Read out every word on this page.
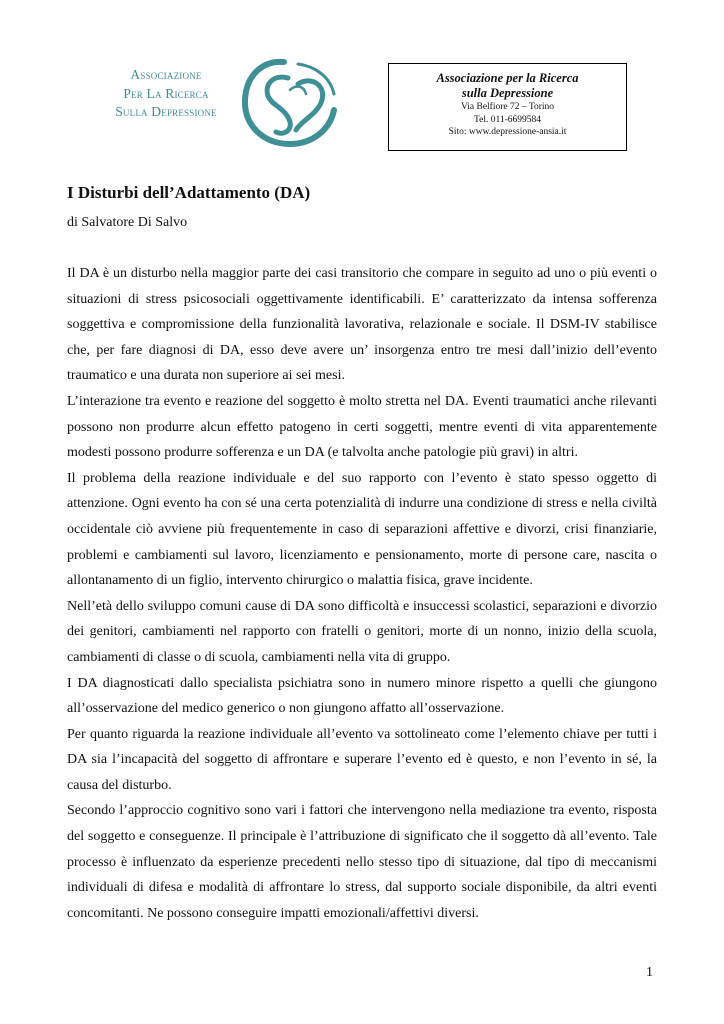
Associazione
Per La Ricerca
Sulla Depressione
Associazione per la Ricerca
sulla Depressione
Via Belfiore 72 – Torino
Tel. 011-6699584
Sito: www.depressione-ansia.it
I Disturbi dell’Adattamento (DA)
di Salvatore Di Salvo

Il DA è un disturbo nella maggior parte dei casi transitorio che compare in seguito ad uno o più eventi o situazioni di stress psicosociali oggettivamente identificabili. E’ caratterizzato da intensa sofferenza soggettiva e compromissione della funzionalità lavorativa, relazionale e sociale. Il DSM-IV stabilisce che, per fare diagnosi di DA, esso deve avere un’ insorgenza entro tre mesi dall’inizio dell’evento traumatico e una durata non superiore ai sei mesi.

L’interazione tra evento e reazione del soggetto è molto stretta nel DA. Eventi traumatici anche rilevanti possono non produrre alcun effetto patogeno in certi soggetti, mentre eventi di vita apparentemente modesti possono produrre sofferenza e un DA (e talvolta anche patologie più gravi) in altri.

Il problema della reazione individuale e del suo rapporto con l’evento è stato spesso oggetto di attenzione. Ogni evento ha con sé una certa potenzialità di indurre una condizione di stress e nella civiltà occidentale ciò avviene più frequentemente in caso di separazioni affettive e divorzi, crisi finanziarie, problemi e cambiamenti sul lavoro, licenziamento e pensionamento, morte di persone care, nascita o allontanamento di un figlio, intervento chirurgico o malattia fisica, grave incidente.

Nell’età dello sviluppo comuni cause di DA sono difficoltà e insuccessi scolastici, separazioni e divorzio dei genitori, cambiamenti nel rapporto con fratelli o genitori, morte di un nonno, inizio della scuola, cambiamenti di classe o di scuola, cambiamenti nella vita di gruppo.

I DA diagnosticati dallo specialista psichiatra sono in numero minore rispetto a quelli che giungono all’osservazione del medico generico o non giungono affatto all’osservazione.

Per quanto riguarda la reazione individuale all’evento va sottolineato come l’elemento chiave per tutti i DA sia l’incapacità del soggetto di affrontare e superare l’evento ed è questo, e non l’evento in sé, la causa del disturbo.

Secondo l’approccio cognitivo sono vari i fattori che intervengono nella mediazione tra evento, risposta del soggetto e conseguenze. Il principale è l’attribuzione di significato che il soggetto dà all’evento. Tale processo è influenzato da esperienze precedenti nello stesso tipo di situazione, dal tipo di meccanismi individuali di difesa e modalità di affrontare lo stress, dal supporto sociale disponibile, da altri eventi concomitanti. Ne possono conseguire impatti emozionali/affettivi diversi.

1
